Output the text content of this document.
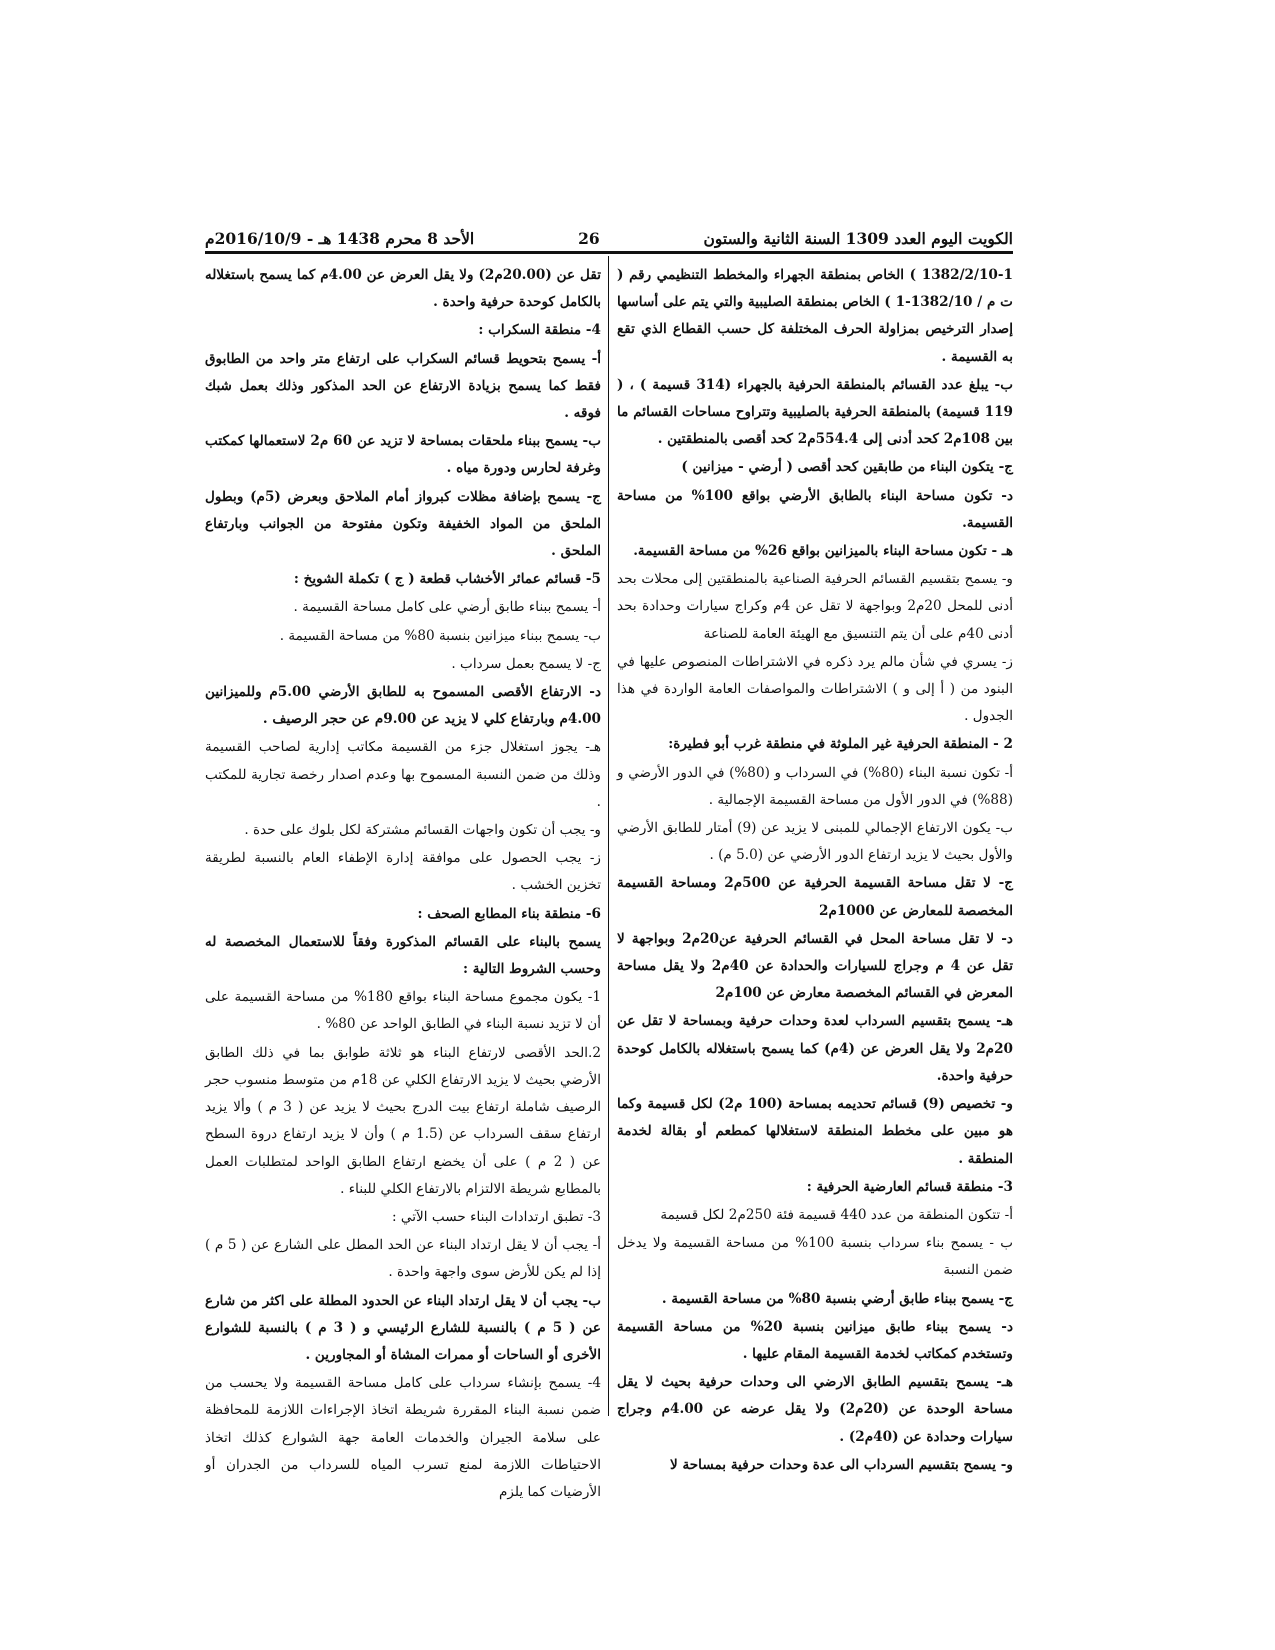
الكويت اليوم العدد 1309 السنة الثانية والستون
26
الأحد 8 محرم 1438 هـ - 2016/10/9م

1382/2/10-1 ) الخاص بمنطقة الجهراء والمخطط التنظيمي رقم ( ت م / 1382/10-1 ) الخاص بمنطقة الصليبية والتي يتم على أساسها إصدار الترخيص بمزاولة الحرف المختلفة كل حسب القطاع الذي تقع به القسيمة .

ب- يبلغ عدد القسائم بالمنطقة الحرفية بالجهراء (314 قسيمة ) ، ( 119 قسيمة) بالمنطقة الحرفية بالصليبية وتتراوح مساحات القسائم ما بين 108م2 كحد أدنى إلى 554.4م2 كحد أقصى بالمنطقتين .

ج- يتكون البناء من طابقين كحد أقصى ( أرضي - ميزانين )

د- تكون مساحة البناء بالطابق الأرضي بواقع 100% من مساحة القسيمة.

هـ - تكون مساحة البناء بالميزانين بواقع 26% من مساحة القسيمة.

و- يسمح بتقسيم القسائم الحرفية الصناعية بالمنطقتين إلى محلات بحد أدنى للمحل 20م2 وبواجهة لا تقل عن 4م وكراج سيارات وحدادة بحد أدنى 40م على أن يتم التنسيق مع الهيئة العامة للصناعة

ز- يسري في شأن مالم يرد ذكره في الاشتراطات المنصوص عليها في البنود من ( أ إلى و ) الاشتراطات والمواصفات العامة الواردة في هذا الجدول .

2 - المنطقة الحرفية غير الملوثة في منطقة غرب أبو فطيرة:

أ- تكون نسبة البناء (80%) في السرداب و (80%) في الدور الأرضي و (88%) في الدور الأول من مساحة القسيمة الإجمالية .

ب- يكون الارتفاع الإجمالي للمبنى لا يزيد عن (9) أمتار للطابق الأرضي والأول بحيث لا يزيد ارتفاع الدور الأرضي عن (5.0 م) .

ج- لا تقل مساحة القسيمة الحرفية عن 500م2 ومساحة القسيمة المخصصة للمعارض عن 1000م2

د- لا تقل مساحة المحل في القسائم الحرفية عن20م2 وبواجهة لا تقل عن 4 م وجراج للسيارات والحدادة عن 40م2 ولا يقل مساحة المعرض في القسائم المخصصة معارض عن 100م2

هـ- يسمح بتقسيم السرداب لعدة وحدات حرفية وبمساحة لا تقل عن 20م2 ولا يقل العرض عن (4م) كما يسمح باستغلاله بالكامل كوحدة حرفية واحدة.

و- تخصيص (9) قسائم تحديمه بمساحة (100 م2) لكل قسيمة وكما هو مبين على مخطط المنطقة لاستغلالها كمطعم أو بقالة لخدمة المنطقة .

3- منطقة قسائم العارضية الحرفية :

أ- تتكون المنطقة من عدد 440 قسيمة فئة 250م2 لكل قسيمة

ب - يسمح بناء سرداب بنسبة 100% من مساحة القسيمة ولا يدخل ضمن النسبة

ج- يسمح ببناء طابق أرضي بنسبة 80% من مساحة القسيمة .

د- يسمح ببناء طابق ميزانين بنسبة 20% من مساحة القسيمة وتستخدم كمكاتب لخدمة القسيمة المقام عليها .

هـ- يسمح بتقسيم الطابق الارضي الى وحدات حرفية بحيث لا يقل مساحة الوحدة عن (20م2) ولا يقل عرضه عن 4.00م وجراج سيارات وحدادة عن (40م2) .

و- يسمح بتقسيم السرداب الى عدة وحدات حرفية بمساحة لا

تقل عن (20.00م2) ولا يقل العرض عن 4.00م كما يسمح باستغلاله بالكامل كوحدة حرفية واحدة .

4- منطقة السكراب :

أ- يسمح بتحويط قسائم السكراب على ارتفاع متر واحد من الطابوق فقط كما يسمح بزيادة الارتفاع عن الحد المذكور وذلك بعمل شبك فوقه .

ب- يسمح ببناء ملحقات بمساحة لا تزيد عن 60 م2 لاستعمالها كمكتب وغرفة لحارس ودورة مياه .

ج- يسمح بإضافة مظلات كبرواز أمام الملاحق وبعرض (5م) وبطول الملحق من المواد الخفيفة وتكون مفتوحة من الجوانب وبارتفاع الملحق .

5- قسائم عمائر الأخشاب قطعة ( ج ) تكملة الشويخ :

أ- يسمح ببناء طابق أرضي على كامل مساحة القسيمة .

ب- يسمح ببناء ميزانين بنسبة 80% من مساحة القسيمة .

ج- لا يسمح بعمل سرداب .

د- الارتفاع الأقصى المسموح به للطابق الأرضي 5.00م وللميزانين 4.00م وبارتفاع كلي لا يزيد عن 9.00م عن حجر الرصيف .

هـ- يجوز استغلال جزء من القسيمة مكاتب إدارية لصاحب القسيمة وذلك من ضمن النسبة المسموح بها وعدم اصدار رخصة تجارية للمكتب .

و- يجب أن تكون واجهات القسائم مشتركة لكل بلوك على حدة .

ز- يجب الحصول على موافقة إدارة الإطفاء العام بالنسبة لطريقة تخزين الخشب .

6- منطقة بناء المطابع الصحف :

يسمح بالبناء على القسائم المذكورة وفقاً للاستعمال المخصصة له وحسب الشروط التالية :

1- يكون مجموع مساحة البناء بواقع 180% من مساحة القسيمة على أن لا تزيد نسبة البناء في الطابق الواحد عن 80% .

2.الحد الأقصى لارتفاع البناء هو ثلاثة طوابق بما في ذلك الطابق الأرضي بحيث لا يزيد الارتفاع الكلي عن 18م من متوسط منسوب حجر الرصيف شاملة ارتفاع بيت الدرج بحيث لا يزيد عن ( 3 م ) وألا يزيد ارتفاع سقف السرداب عن (1.5 م ) وأن لا يزيد ارتفاع دروة السطح عن ( 2 م ) على أن يخضع ارتفاع الطابق الواحد لمتطلبات العمل بالمطابع شريطة الالتزام بالارتفاع الكلي للبناء .

3- تطبق ارتدادات البناء حسب الآتي :

أ- يجب أن لا يقل ارتداد البناء عن الحد المطل على الشارع عن ( 5 م ) إذا لم يكن للأرض سوى واجهة واحدة .

ب- يجب أن لا يقل ارتداد البناء عن الحدود المطلة على اكثر من شارع عن ( 5 م ) بالنسبة للشارع الرئيسي و ( 3 م ) بالنسبة للشوارع الأخرى أو الساحات أو ممرات المشاة أو المجاورين .

4- يسمح بإنشاء سرداب على كامل مساحة القسيمة ولا يحسب من ضمن نسبة البناء المقررة شريطة اتخاذ الإجراءات اللازمة للمحافظة على سلامة الجيران والخدمات العامة جهة الشوارع كذلك اتخاذ الاحتياطات اللازمة لمنع تسرب المياه للسرداب من الجدران أو الأرضيات كما يلزم
